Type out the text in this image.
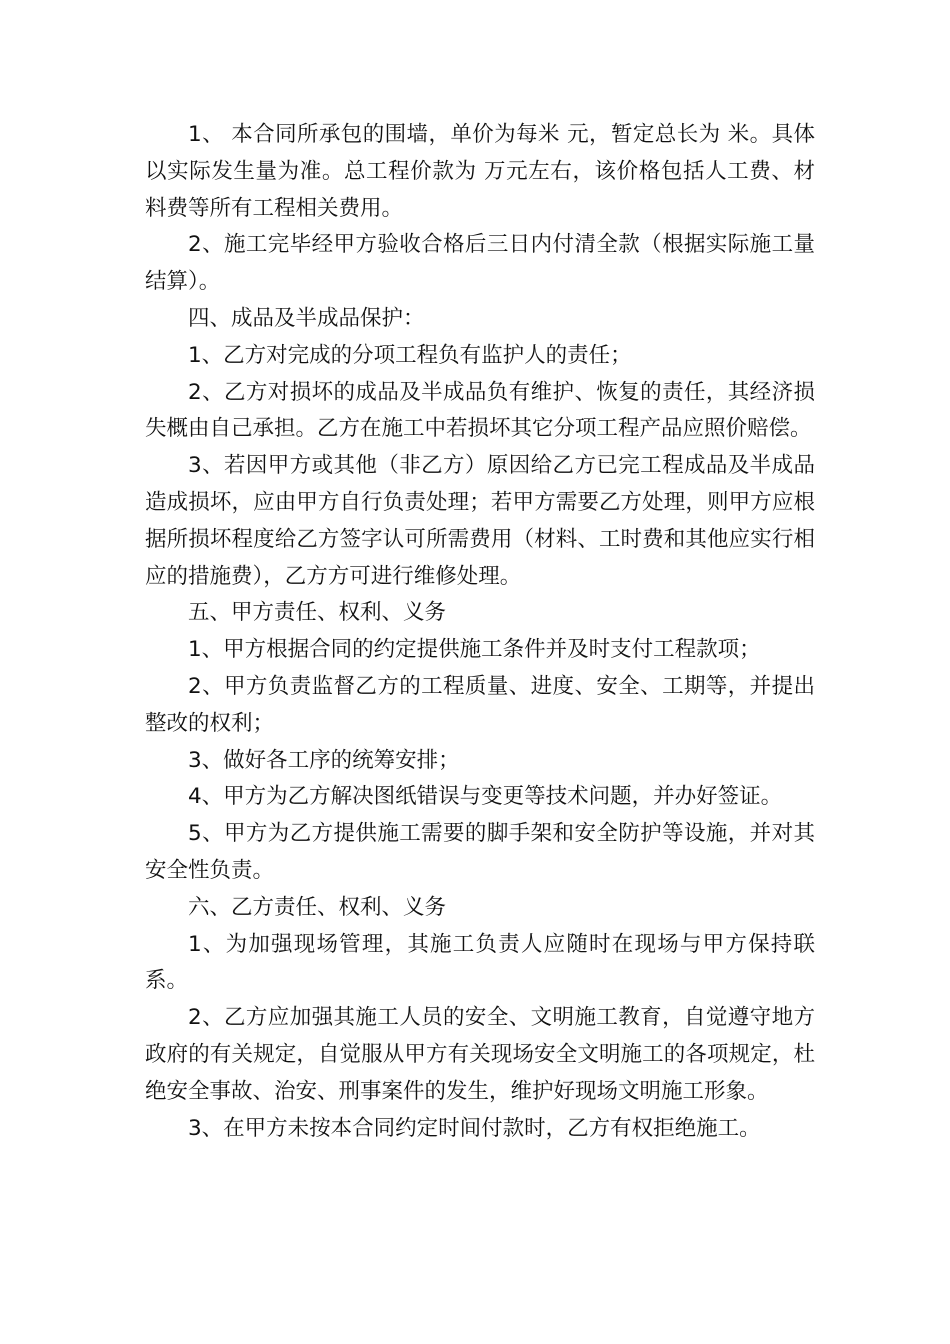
1、 本合同所承包的围墙，单价为每米 元，暂定总长为 米。具体以实际发生量为准。总工程价款为 万元左右，该价格包括人工费、材料费等所有工程相关费用。

2、施工完毕经甲方验收合格后三日内付清全款（根据实际施工量结算）。

四、成品及半成品保护：

1、乙方对完成的分项工程负有监护人的责任；

2、乙方对损坏的成品及半成品负有维护、恢复的责任，其经济损失概由自己承担。乙方在施工中若损坏其它分项工程产品应照价赔偿。

3、若因甲方或其他（非乙方）原因给乙方已完工程成品及半成品造成损坏，应由甲方自行负责处理；若甲方需要乙方处理，则甲方应根据所损坏程度给乙方签字认可所需费用（材料、工时费和其他应实行相应的措施费），乙方方可进行维修处理。

五、甲方责任、权利、义务

1、甲方根据合同的约定提供施工条件并及时支付工程款项；

2、甲方负责监督乙方的工程质量、进度、安全、工期等，并提出整改的权利；

3、做好各工序的统筹安排；

4、甲方为乙方解决图纸错误与变更等技术问题，并办好签证。

5、甲方为乙方提供施工需要的脚手架和安全防护等设施，并对其安全性负责。

六、乙方责任、权利、义务

1、为加强现场管理，其施工负责人应随时在现场与甲方保持联系。

2、乙方应加强其施工人员的安全、文明施工教育，自觉遵守地方政府的有关规定，自觉服从甲方有关现场安全文明施工的各项规定，杜绝安全事故、治安、刑事案件的发生，维护好现场文明施工形象。

3、在甲方未按本合同约定时间付款时，乙方有权拒绝施工。
